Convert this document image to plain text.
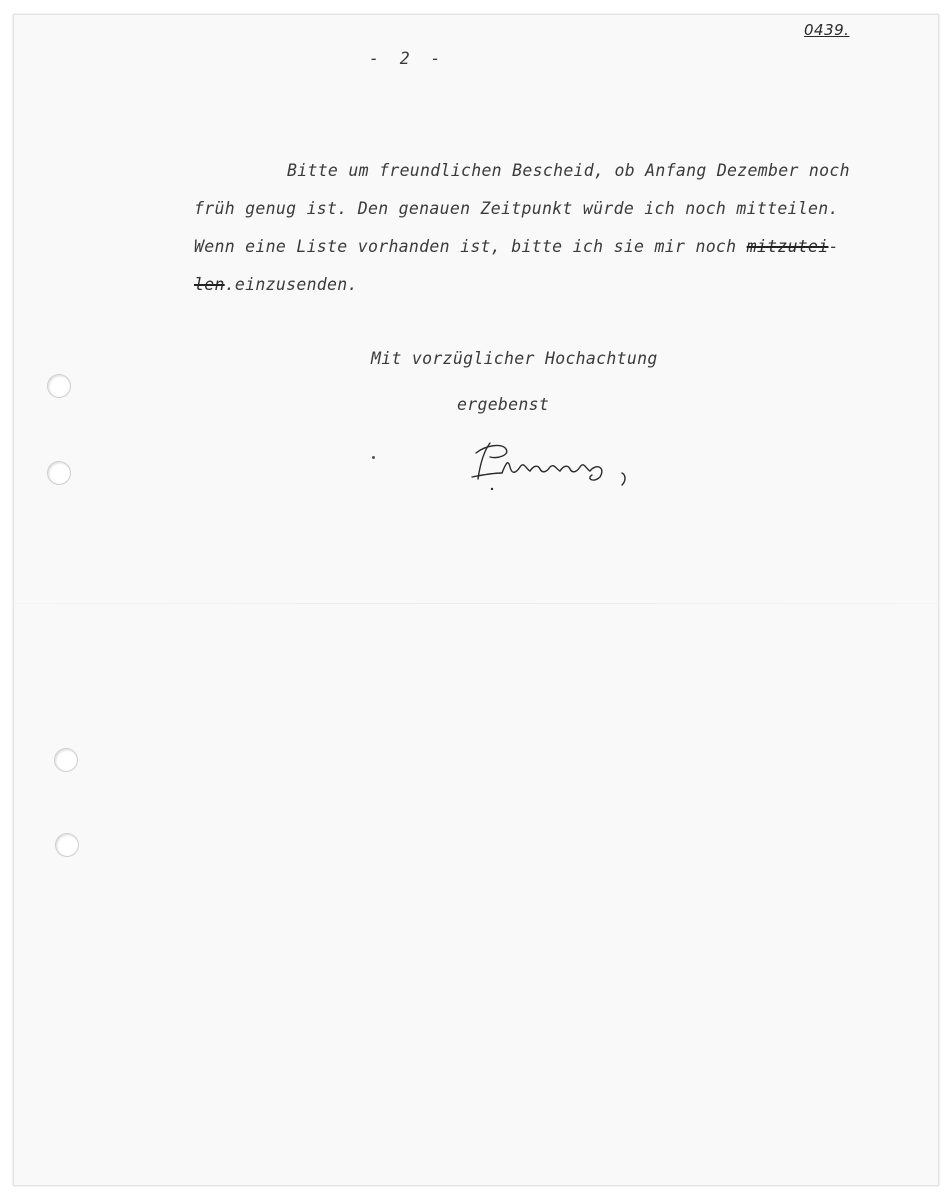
0439.
-  2  -
Bitte um freundlichen Bescheid, ob Anfang Dezember noch
früh genug ist. Den genauen Zeitpunkt würde ich noch mitteilen.
Wenn eine Liste vorhanden ist, bitte ich sie mir noch mitzutei-
len.einzusenden.
Mit vorzüglicher Hochachtung
ergebenst
